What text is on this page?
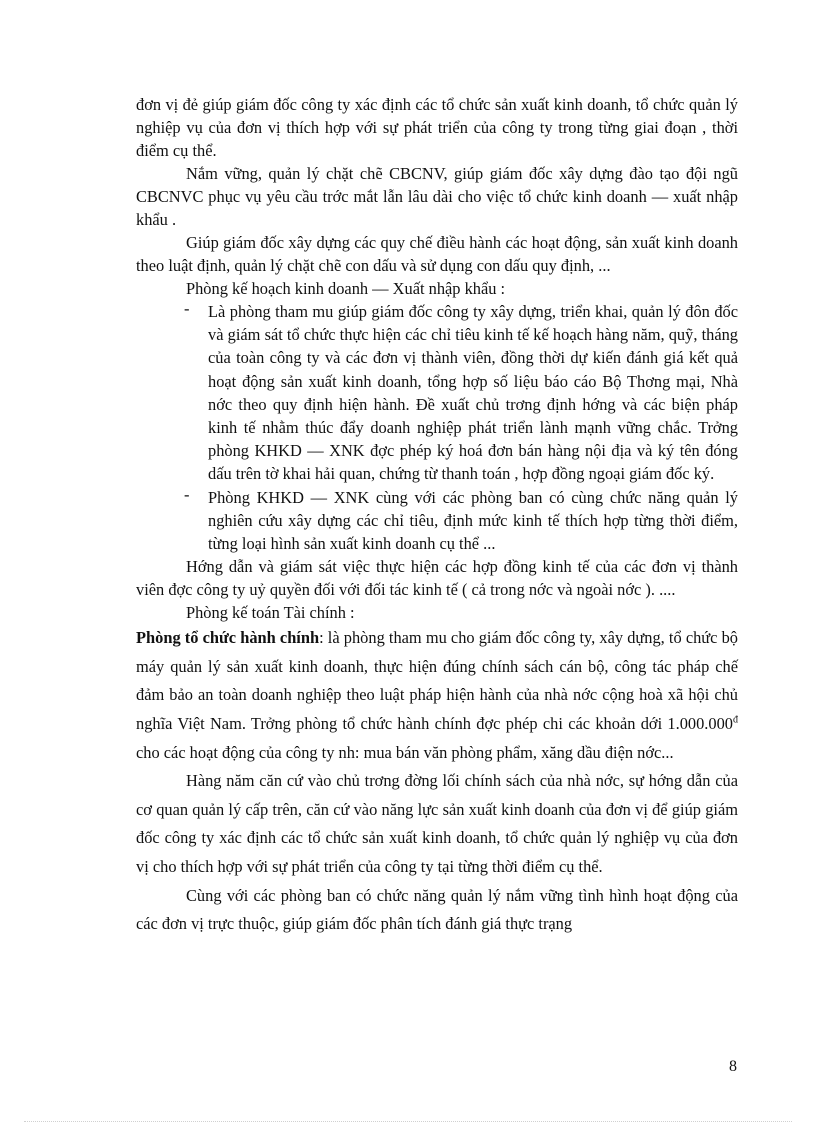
đơn vị đẻ giúp giám đốc công ty xác định các tổ chức sản xuất kinh doanh, tổ chức quản lý nghiệp vụ của đơn vị thích hợp với sự phát triển của công ty trong từng giai đoạn , thời điểm cụ thể.

Nắm vững, quản lý chặt chẽ CBCNV, giúp giám đốc xây dựng đào tạo đội ngũ CBCNVC phục vụ yêu cầu trớc mắt lẫn lâu dài cho việc tổ chức kinh doanh — xuất nhập khẩu .

Giúp giám đốc xây dựng các quy chế điều hành các hoạt động, sản xuất kinh doanh theo luật định, quản lý chặt chẽ con dấu và sử dụng con dấu quy định, ...

Phòng kế hoạch kinh doanh — Xuất nhập khẩu :

- Là phòng tham mu giúp giám đốc công ty xây dựng, triển khai, quản lý đôn đốc và giám sát tổ chức thực hiện các chỉ tiêu kinh tế kế hoạch hàng năm, quỹ, tháng của toàn công ty và các đơn vị thành viên, đồng thời dự kiến đánh giá kết quả hoạt động sản xuất kinh doanh, tổng hợp số liệu báo cáo Bộ Thơng mại, Nhà nớc theo quy định hiện hành. Đề xuất chủ trơng định hớng và các biện pháp kinh tế nhằm thúc đẩy doanh nghiệp phát triển lành mạnh vững chắc. Trởng phòng KHKD — XNK đợc phép ký hoá đơn bán hàng nội địa và ký tên đóng dấu trên tờ khai hải quan, chứng từ thanh toán , hợp đồng ngoại giám đốc ký.
- Phòng KHKD — XNK cùng với các phòng ban có cùng chức năng quản lý nghiên cứu xây dựng các chỉ tiêu, định mức kinh tế thích hợp từng thời điểm, từng loại hình sản xuất kinh doanh cụ thể ...

Hớng dẫn và giám sát việc thực hiện các hợp đồng kinh tế của các đơn vị thành viên đợc công ty uỷ quyền đối với đối tác kinh tế ( cả trong nớc và ngoài nớc ). ....

Phòng kế toán Tài chính :

Phòng tổ chức hành chính: là phòng tham mu cho giám đốc công ty, xây dựng, tổ chức bộ máy quản lý sản xuất kinh doanh, thực hiện đúng chính sách cán bộ, công tác pháp chế đảm bảo an toàn doanh nghiệp theo luật pháp hiện hành của nhà nớc cộng hoà xã hội chủ nghĩa Việt Nam. Trởng phòng tổ chức hành chính đợc phép chi các khoản dới $1.000.000^đ$ cho các hoạt động của công ty nh: mua bán văn phòng phẩm, xăng dầu điện nớc...

Hàng năm căn cứ vào chủ trơng đờng lối chính sách của nhà nớc, sự hớng dẫn của cơ quan quản lý cấp trên, căn cứ vào năng lực sản xuất kinh doanh của đơn vị để giúp giám đốc công ty xác định các tổ chức sản xuất kinh doanh, tổ chức quản lý nghiệp vụ của đơn vị cho thích hợp với sự phát triển của công ty tại từng thời điểm cụ thể.

Cùng với các phòng ban có chức năng quản lý nắm vững tình hình hoạt động của các đơn vị trực thuộc, giúp giám đốc phân tích đánh giá thực trạng

8
